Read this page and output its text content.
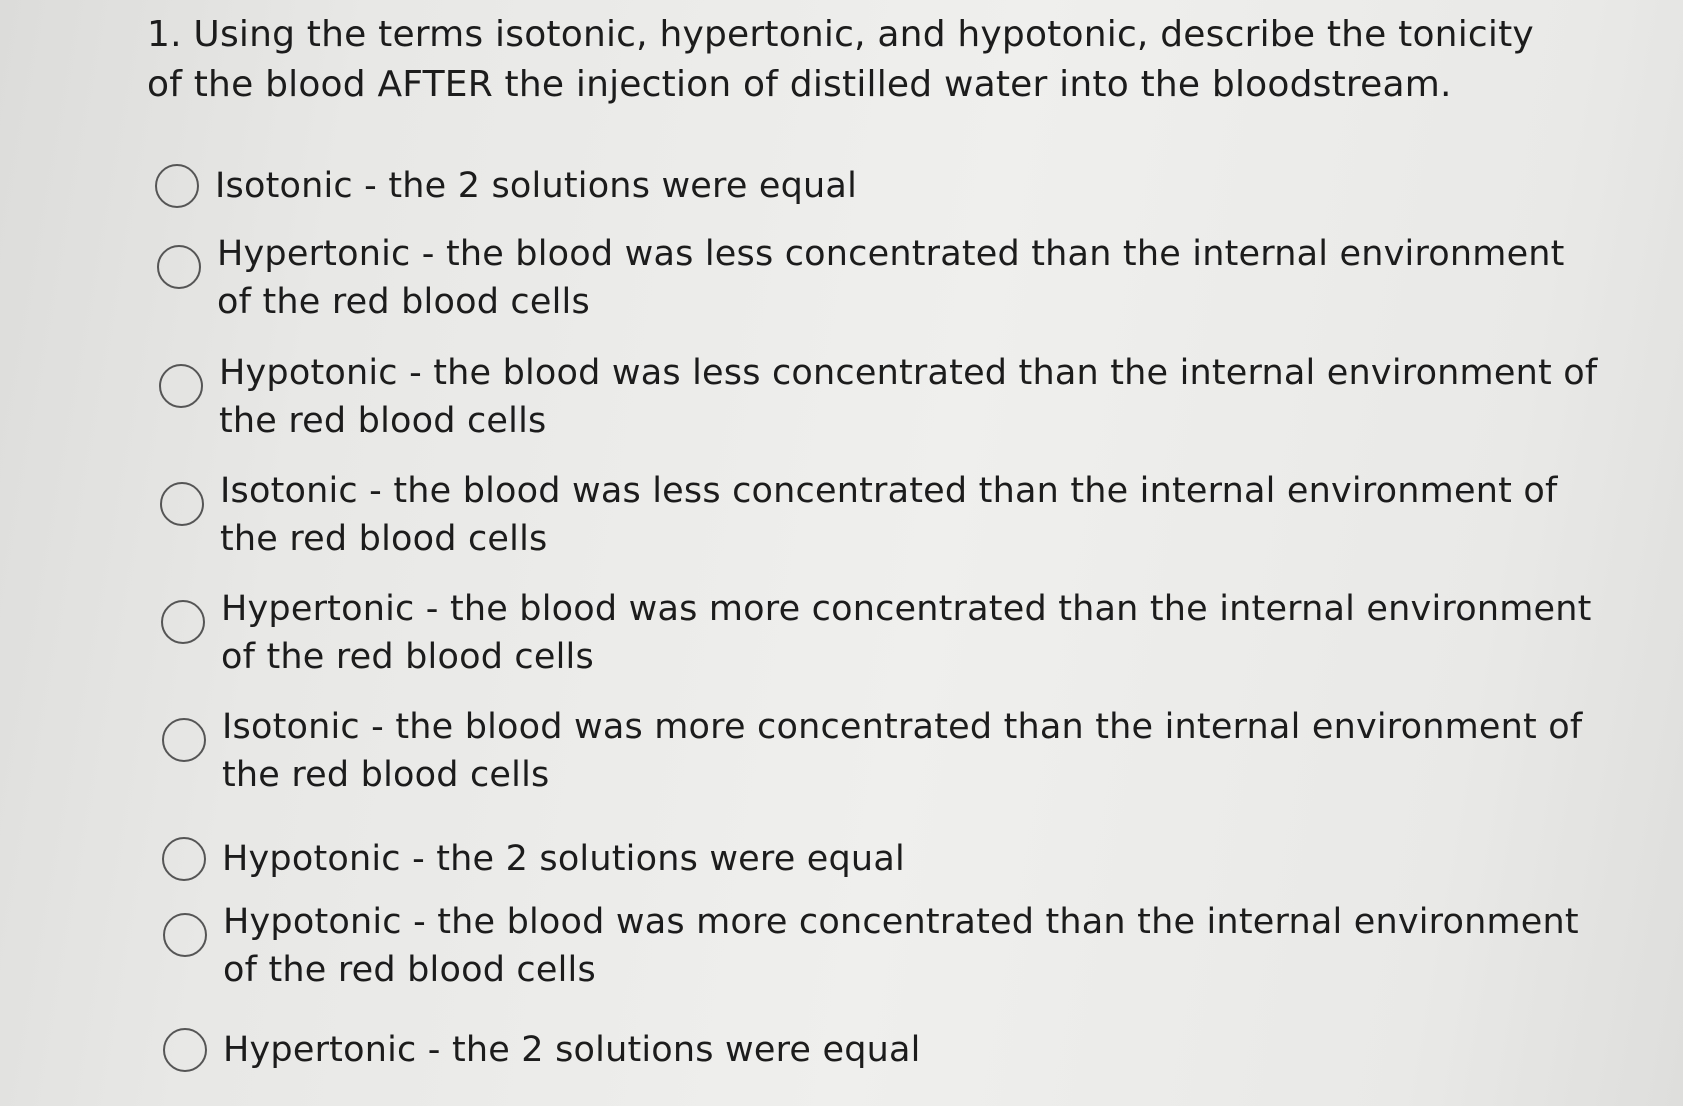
1. Using the terms isotonic, hypertonic, and hypotonic, describe the tonicity of the blood AFTER the injection of distilled water into the bloodstream.
Isotonic - the 2 solutions were equal
Hypertonic - the blood was less concentrated than the internal environment of the red blood cells
Hypotonic - the blood was less concentrated than the internal environment of the red blood cells
Isotonic - the blood was less concentrated than the internal environment of the red blood cells
Hypertonic - the blood was more concentrated than the internal environment of the red blood cells
Isotonic - the blood was more concentrated than the internal environment of the red blood cells
Hypotonic - the 2 solutions were equal
Hypotonic - the blood was more concentrated than the internal environment of the red blood cells
Hypertonic - the 2 solutions were equal
